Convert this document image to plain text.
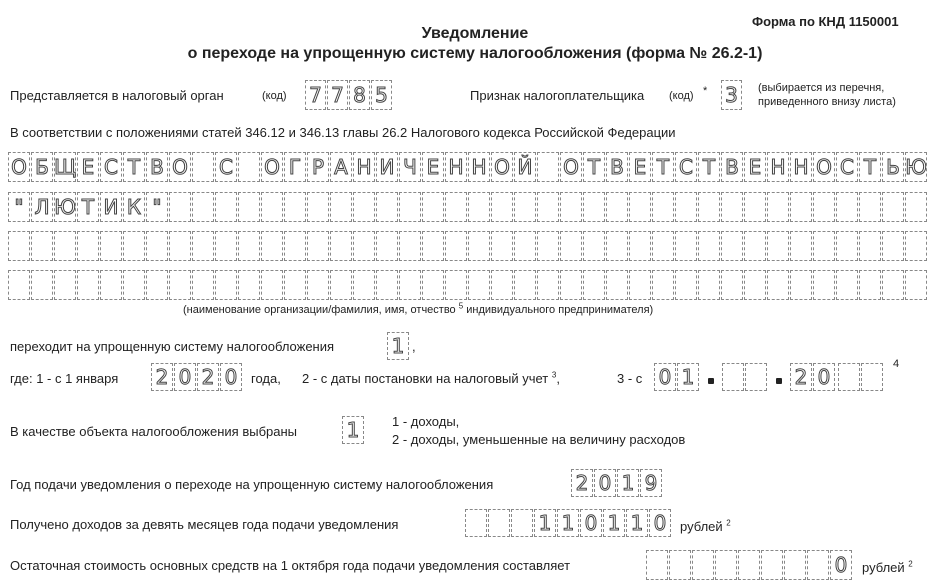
Форма по КНД 1150001
Уведомление
о переходе на упрощенную систему налогообложения (форма № 26.2-1)
Представляется в налоговый орган	(код) 7 7 8 5	Признак налогоплательщика (код) * 3	(выбирается из перечня,
приведенного внизу листа)
В соответствии с положениями статей 346.12 и 346.13 главы 26.2 Налогового кодекса Российской Федерации
О Б Щ Е С Т В О С О Г Р А Н И Ч Е Н Н О Й О Т В Е Т С Т В Е Н Н О С Т Ь Ю
" Л Ю Т И К "
(наименование организации/фамилия, имя, отчество $^5$ индивидуального предпринимателя)
переходит на упрощенную систему налогообложения	1 ,
где: 1 - с 1 января 2 0 2 0	года, 2 - с даты постановки на налоговый учет $^3$,	3 - с 0 1	2 0
4
В качестве объекта налогообложения выбраны 1	1 - доходы,
2 - доходы, уменьшенные на величину расходов
Год подачи уведомления о переходе на упрощенную систему налогообложения	2 0 1 9
Получено доходов за девять месяцев года подачи уведомления	1 1 0 1 1 0	рублей $^2$
Остаточная стоимость основных средств на 1 октября года подачи уведомления составляет	0	рублей $^2$
